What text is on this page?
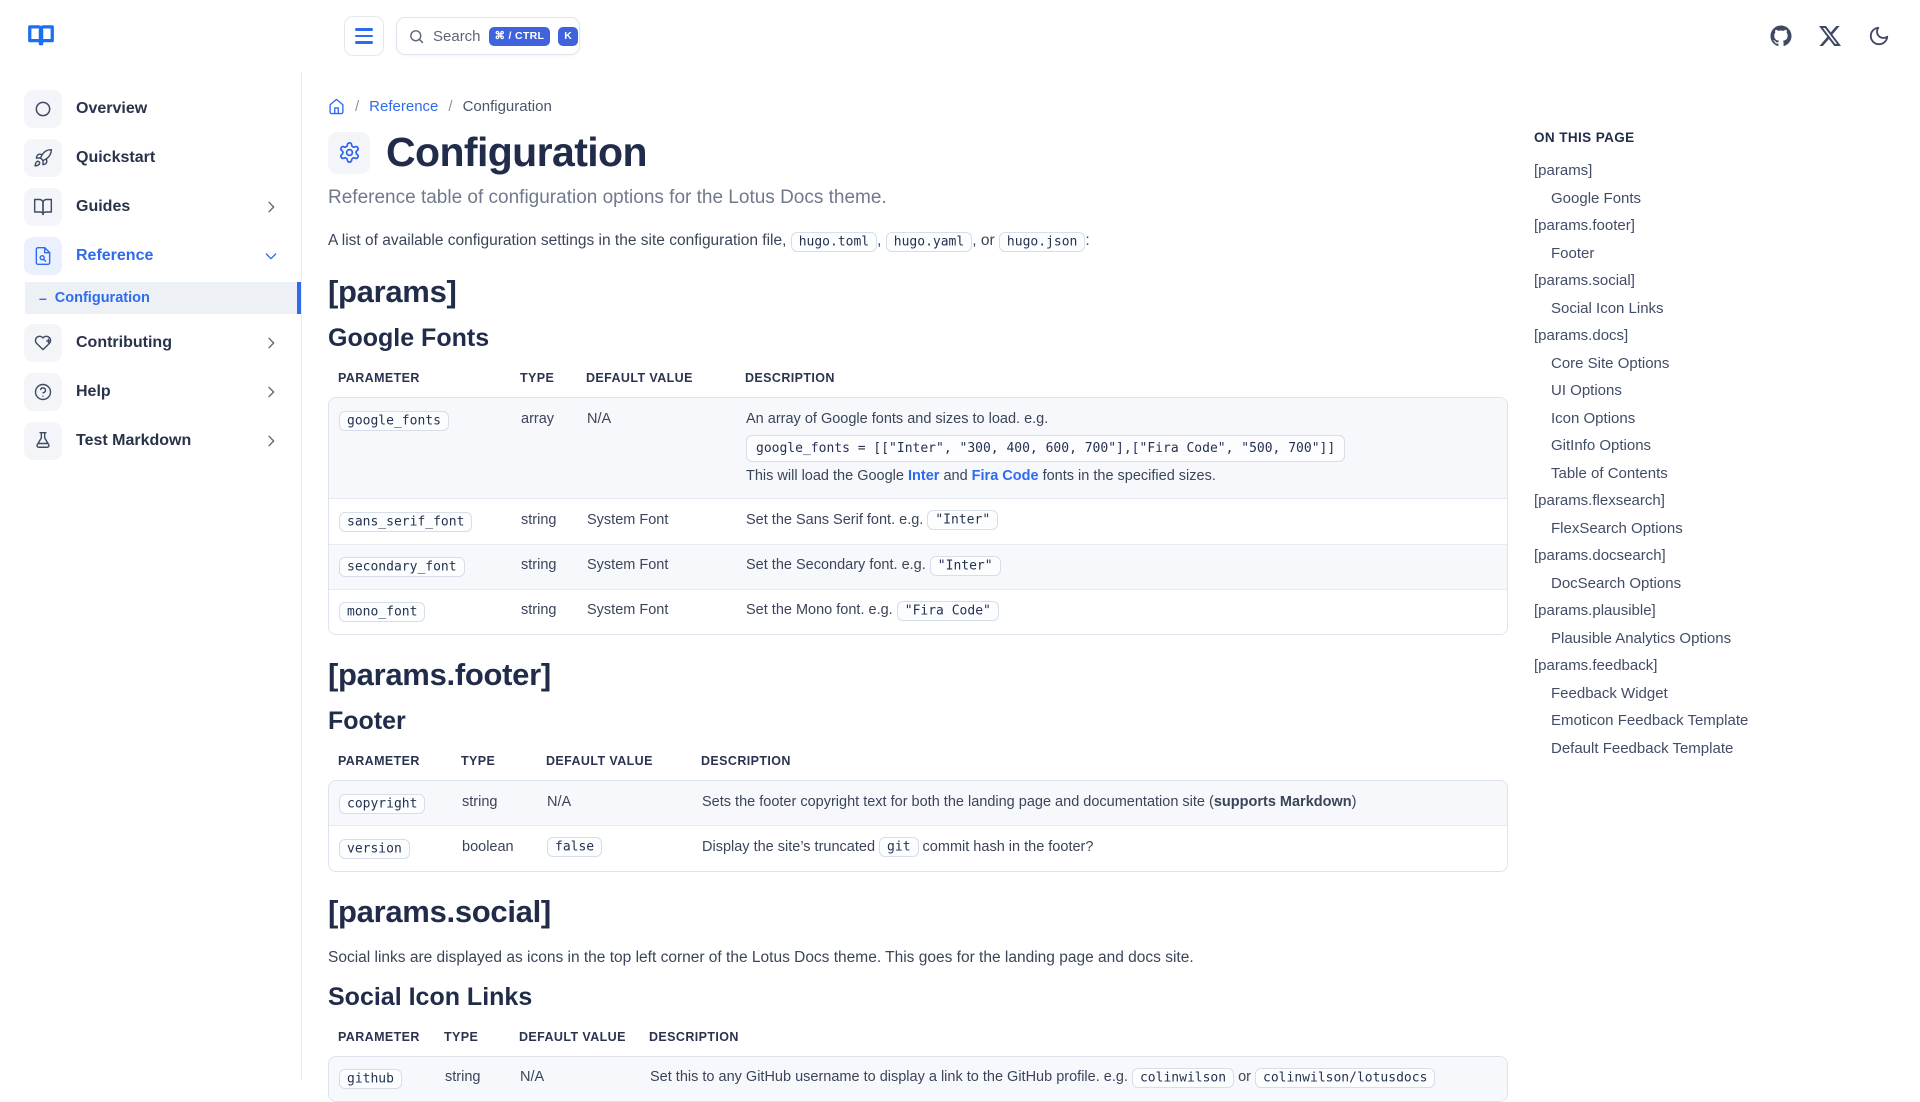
Search	⌘ / CTRL	K
Overview
Quickstart
Guides
Reference
– Configuration
Contributing
Help
Test Markdown
/ Reference / Configuration
Configuration
Reference table of configuration options for the Lotus Docs theme.
A list of available configuration settings in the site configuration file, hugo.toml , hugo.yaml , or hugo.json :
[params]
Google Fonts
PARAMETER	TYPE	DEFAULT VALUE	DESCRIPTION
google_fonts	array	N/A	An array of Google fonts and sizes to load. e.g.
google_fonts = [["Inter", "300, 400, 600, 700"],["Fira Code", "500, 700"]]
This will load the Google Inter and Fira Code fonts in the specified sizes.
sans_serif_font	string	System Font	Set the Sans Serif font. e.g. "Inter"
secondary_font	string	System Font	Set the Secondary font. e.g. "Inter"
mono_font	string	System Font	Set the Mono font. e.g. "Fira Code"
[params.footer]
Footer
PARAMETER	TYPE	DEFAULT VALUE	DESCRIPTION
copyright	string	N/A	Sets the footer copyright text for both the landing page and documentation site (supports Markdown)
version	boolean	false	Display the site’s truncated git commit hash in the footer?
[params.social]
Social links are displayed as icons in the top left corner of the Lotus Docs theme. This goes for the landing page and docs site.
Social Icon Links
PARAMETER	TYPE	DEFAULT VALUE	DESCRIPTION
github	string	N/A	Set this to any GitHub username to display a link to the GitHub profile. e.g. colinwilson or colinwilson/lotusdocs
ON THIS PAGE
[params]
Google Fonts
[params.footer]
Footer
[params.social]
Social Icon Links
[params.docs]
Core Site Options
UI Options
Icon Options
GitInfo Options
Table of Contents
[params.flexsearch]
FlexSearch Options
[params.docsearch]
DocSearch Options
[params.plausible]
Plausible Analytics Options
[params.feedback]
Feedback Widget
Emoticon Feedback Template
Default Feedback Template
